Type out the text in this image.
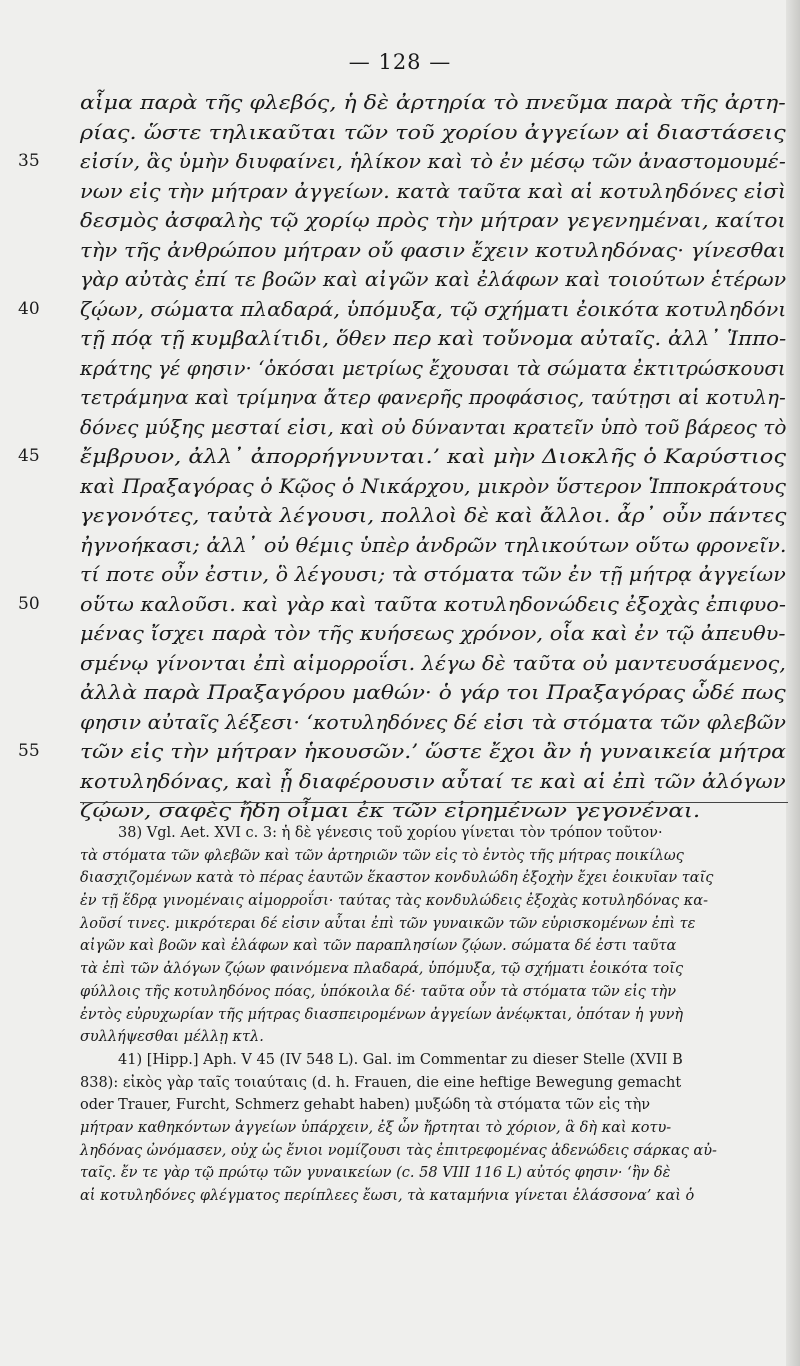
— 128 —
αἷμα παρὰ τῆς φλεβός, ἡ δὲ ἀρτηρία τὸ πνεῦμα παρὰ τῆς ἀρτη-
ρίας. ὥστε τηλικαῦται τῶν τοῦ χορίου ἀγγείων αἱ διαστάσεις
35	εἰσίν, ἃς ὑμὴν διυφαίνει, ἡλίκον καὶ τὸ ἐν μέσῳ τῶν ἀναστομουμέ-
νων εἰς τὴν μήτραν ἀγγείων. κατὰ ταῦτα καὶ αἱ κοτυληδόνες εἰσὶ
δεσμὸς ἀσφαλὴς τῷ χορίῳ πρὸς τὴν μήτραν γεγενημέναι, καίτοι
τὴν τῆς ἀνθρώπου μήτραν οὔ φασιν ἔχειν κοτυληδόνας· γίνεσθαι
γὰρ αὐτὰς ἐπί τε βοῶν καὶ αἰγῶν καὶ ἐλάφων καὶ τοιούτων ἑτέρων
40	ζῴων, σώματα πλαδαρά, ὑπόμυξα, τῷ σχήματι ἐοικότα κοτυληδόνι
τῇ πόᾳ τῇ κυμβαλίτιδι, ὅθεν περ καὶ τοὔνομα αὐταῖς. ἀλλ᾽ Ἱππο-
κράτης γέ φησιν· ‘ὁκόσαι μετρίως ἔχουσαι τὰ σώματα ἐκτιτρώσκουσι
τετράμηνα καὶ τρίμηνα ἄτερ φανερῆς προφάσιος, ταύτῃσι αἱ κοτυλη-
δόνες μύξης μεσταί εἰσι, καὶ οὐ δύνανται κρατεῖν ὑπὸ τοῦ βάρεος τὸ
45	ἔμβρυον, ἀλλ᾽ ἀπορρήγνυνται.’ καὶ μὴν Διοκλῆς ὁ Καρύστιος
καὶ Πραξαγόρας ὁ Κῷος ὁ Νικάρχου, μικρὸν ὕστερον Ἱπποκράτους
γεγονότες, ταὐτὰ λέγουσι, πολλοὶ δὲ καὶ ἄλλοι. ἆρ᾽ οὖν πάντες
ἠγνοήκασι; ἀλλ᾽ οὐ θέμις ὑπὲρ ἀνδρῶν τηλικούτων οὕτω φρονεῖν.
τί ποτε οὖν ἐστιν, ὃ λέγουσι; τὰ στόματα τῶν ἐν τῇ μήτρᾳ ἀγγείων
50	οὕτω καλοῦσι. καὶ γὰρ καὶ ταῦτα κοτυληδονώδεις ἐξοχὰς ἐπιφυο-
μένας ἴσχει παρὰ τὸν τῆς κυήσεως χρόνον, οἷα καὶ ἐν τῷ ἀπευθυ-
σμένῳ γίνονται ἐπὶ αἱμορροΐσι. λέγω δὲ ταῦτα οὐ μαντευσάμενος,
ἀλλὰ παρὰ Πραξαγόρου μαθών· ὁ γάρ τοι Πραξαγόρας ὧδέ πως
φησιν αὐταῖς λέξεσι· ‘κοτυληδόνες δέ εἰσι τὰ στόματα τῶν φλεβῶν
55	τῶν εἰς τὴν μήτραν ἡκουσῶν.’ ὥστε ἔχοι ἂν ἡ γυναικεία μήτρα
κοτυληδόνας, καὶ ᾗ διαφέρουσιν αὗταί τε καὶ αἱ ἐπὶ τῶν ἀλόγων
ζῴων, σαφὲς ἤδη οἶμαι ἐκ τῶν εἰρημένων γεγονέναι.
38) Vgl. Aet. XVI c. 3: ἡ δὲ γένεσις τοῦ χορίου γίνεται τὸν τρόπον τοῦτον·
τὰ στόματα τῶν φλεβῶν καὶ τῶν ἀρτηριῶν τῶν εἰς τὸ ἐντὸς τῆς μήτρας ποικίλως
διασχιζομένων κατὰ τὸ πέρας ἑαυτῶν ἕκαστον κονδυλώδη ἐξοχὴν ἔχει ἐοικυῖαν ταῖς
ἐν τῇ ἕδρᾳ γινομέναις αἱμορροΐσι· ταύτας τὰς κονδυλώδεις ἐξοχὰς κοτυληδόνας κα-
λοῦσί τινες. μικρότεραι δέ εἰσιν αὗται ἐπὶ τῶν γυναικῶν τῶν εὑρισκομένων ἐπὶ τε
αἰγῶν καὶ βοῶν καὶ ἐλάφων καὶ τῶν παραπλησίων ζῴων. σώματα δέ ἐστι ταῦτα
τὰ ἐπὶ τῶν ἀλόγων ζῴων φαινόμενα πλαδαρά, ὑπόμυξα, τῷ σχήματι ἐοικότα τοῖς
φύλλοις τῆς κοτυληδόνος πόας, ὑπόκοιλα δέ· ταῦτα οὖν τὰ στόματα τῶν εἰς τὴν
ἐντὸς εὐρυχωρίαν τῆς μήτρας διασπειρομένων ἀγγείων ἀνέῳκται, ὁπόταν ἡ γυνὴ
συλλήψεσθαι μέλλῃ κτλ.
41) [Hipp.] Aph. V 45 (IV 548 L). Gal. im Commentar zu dieser Stelle (XVII B
838): εἰκὸς γὰρ ταῖς τοιαύταις (d. h. Frauen, die eine heftige Bewegung gemacht
oder Trauer, Furcht, Schmerz gehabt haben) μυξώδη τὰ στόματα τῶν εἰς τὴν
μήτραν καθηκόντων ἀγγείων ὑπάρχειν, ἐξ ὧν ἤρτηται τὸ χόριον, ἃ δὴ καὶ κοτυ-
ληδόνας ὠνόμασεν, οὐχ ὡς ἔνιοι νομίζουσι τὰς ἐπιτρεφομένας ἀδενώδεις σάρκας αὐ-
ταῖς. ἔν τε γὰρ τῷ πρώτῳ τῶν γυναικείων (c. 58 VIII 116 L) αὐτός φησιν· ‘ἢν δὲ
αἱ κοτυληδόνες φλέγματος περίπλεες ἔωσι, τὰ καταμήνια γίνεται ἐλάσσονα’ καὶ ὁ
